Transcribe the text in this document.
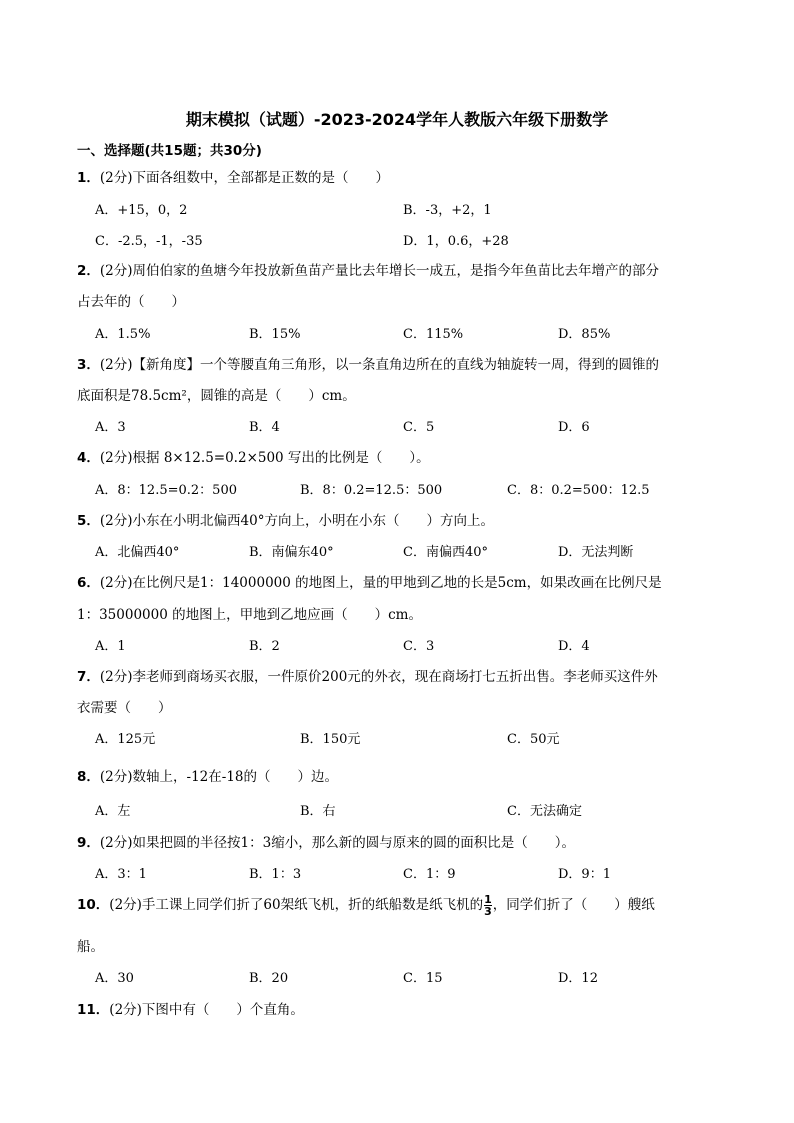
期末模拟（试题）-2023-2024学年人教版六年级下册数学
一、选择题(共15题；共30分)
1．(2分)下面各组数中，全部都是正数的是（　　）
A．+15，0，2	B．-3，+2，1
C．-2.5，-1，-35	D．1，0.6，+28
2．(2分)周伯伯家的鱼塘今年投放新鱼苗产量比去年增长一成五，是指今年鱼苗比去年增产的部分
占去年的（　　）
A．1.5%	B．15%	C．115%	D．85%
3．(2分)【新角度】一个等腰直角三角形，以一条直角边所在的直线为轴旋转一周，得到的圆锥的
底面积是78.5cm²，圆锥的高是（　　）cm。
A．3	B．4	C．5	D．6
4．(2分)根据 8×12.5=0.2×500 写出的比例是（　　）。
A．8：12.5=0.2：500	B．8：0.2=12.5：500	C．8：0.2=500：12.5
5．(2分)小东在小明北偏西40°方向上，小明在小东（　　）方向上。
A．北偏西40°	B．南偏东40°	C．南偏西40°	D．无法判断
6．(2分)在比例尺是1：14000000 的地图上，量的甲地到乙地的长是5cm，如果改画在比例尺是
1：35000000 的地图上，甲地到乙地应画（　　）cm。
A．1	B．2	C．3	D．4
7．(2分)李老师到商场买衣服，一件原价200元的外衣，现在商场打七五折出售。李老师买这件外
衣需要（　　）
A．125元	B．150元	C．50元
8．(2分)数轴上，-12在-18的（　　）边。
A．左	B．右	C．无法确定
9．(2分)如果把圆的半径按1：3缩小，那么新的圆与原来的圆的面积比是（　　）。
A．3：1	B．1：3	C．1：9	D．9：1
10．(2分)手工课上同学们折了60架纸飞机，折的纸船数是纸飞机的 $\frac{1}{3}$ ，同学们折了（　　）艘纸
船。
A．30	B．20	C．15	D．12
11．(2分)下图中有（　　）个直角。
